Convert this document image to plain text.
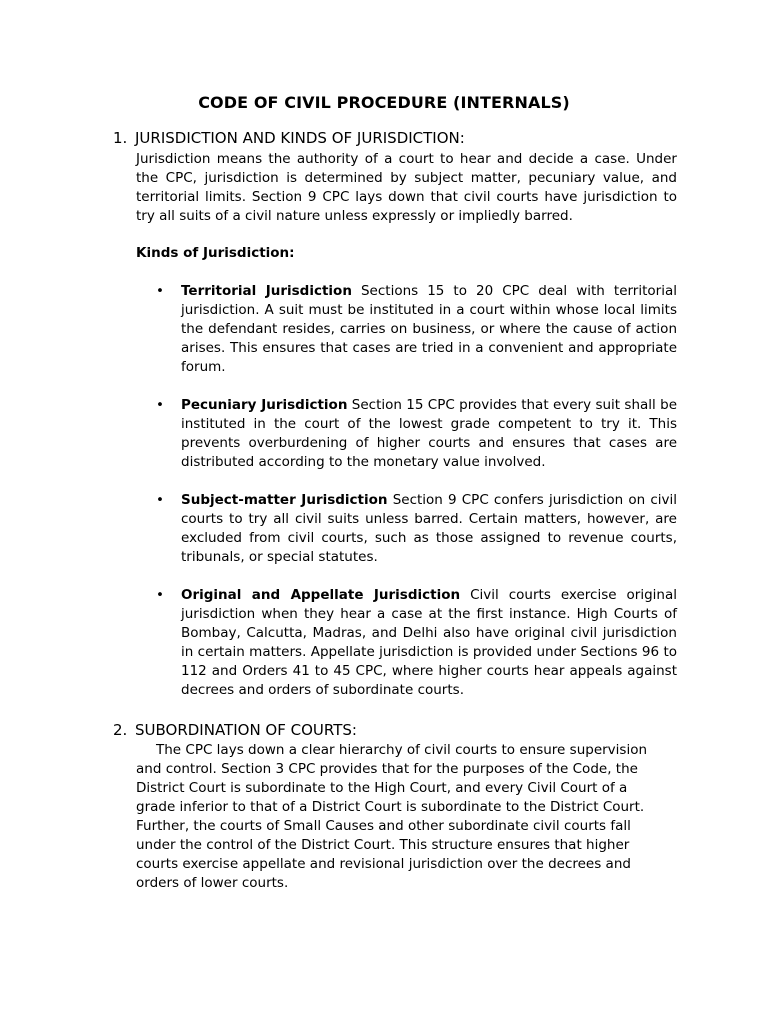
CODE OF CIVIL PROCEDURE (INTERNALS)
1. JURISDICTION AND KINDS OF JURISDICTION:
Jurisdiction means the authority of a court to hear and decide a case. Under the CPC, jurisdiction is determined by subject matter, pecuniary value, and territorial limits. Section 9 CPC lays down that civil courts have jurisdiction to try all suits of a civil nature unless expressly or impliedly barred.
Kinds of Jurisdiction:
• Territorial Jurisdiction Sections 15 to 20 CPC deal with territorial jurisdiction. A suit must be instituted in a court within whose local limits the defendant resides, carries on business, or where the cause of action arises. This ensures that cases are tried in a convenient and appropriate forum.
• Pecuniary Jurisdiction Section 15 CPC provides that every suit shall be instituted in the court of the lowest grade competent to try it. This prevents overburdening of higher courts and ensures that cases are distributed according to the monetary value involved.
• Subject-matter Jurisdiction Section 9 CPC confers jurisdiction on civil courts to try all civil suits unless barred. Certain matters, however, are excluded from civil courts, such as those assigned to revenue courts, tribunals, or special statutes.
• Original and Appellate Jurisdiction Civil courts exercise original jurisdiction when they hear a case at the first instance. High Courts of Bombay, Calcutta, Madras, and Delhi also have original civil jurisdiction in certain matters. Appellate jurisdiction is provided under Sections 96 to 112 and Orders 41 to 45 CPC, where higher courts hear appeals against decrees and orders of subordinate courts.
2. SUBORDINATION OF COURTS:
The CPC lays down a clear hierarchy of civil courts to ensure supervision and control. Section 3 CPC provides that for the purposes of the Code, the District Court is subordinate to the High Court, and every Civil Court of a grade inferior to that of a District Court is subordinate to the District Court. Further, the courts of Small Causes and other subordinate civil courts fall under the control of the District Court. This structure ensures that higher courts exercise appellate and revisional jurisdiction over the decrees and orders of lower courts.
